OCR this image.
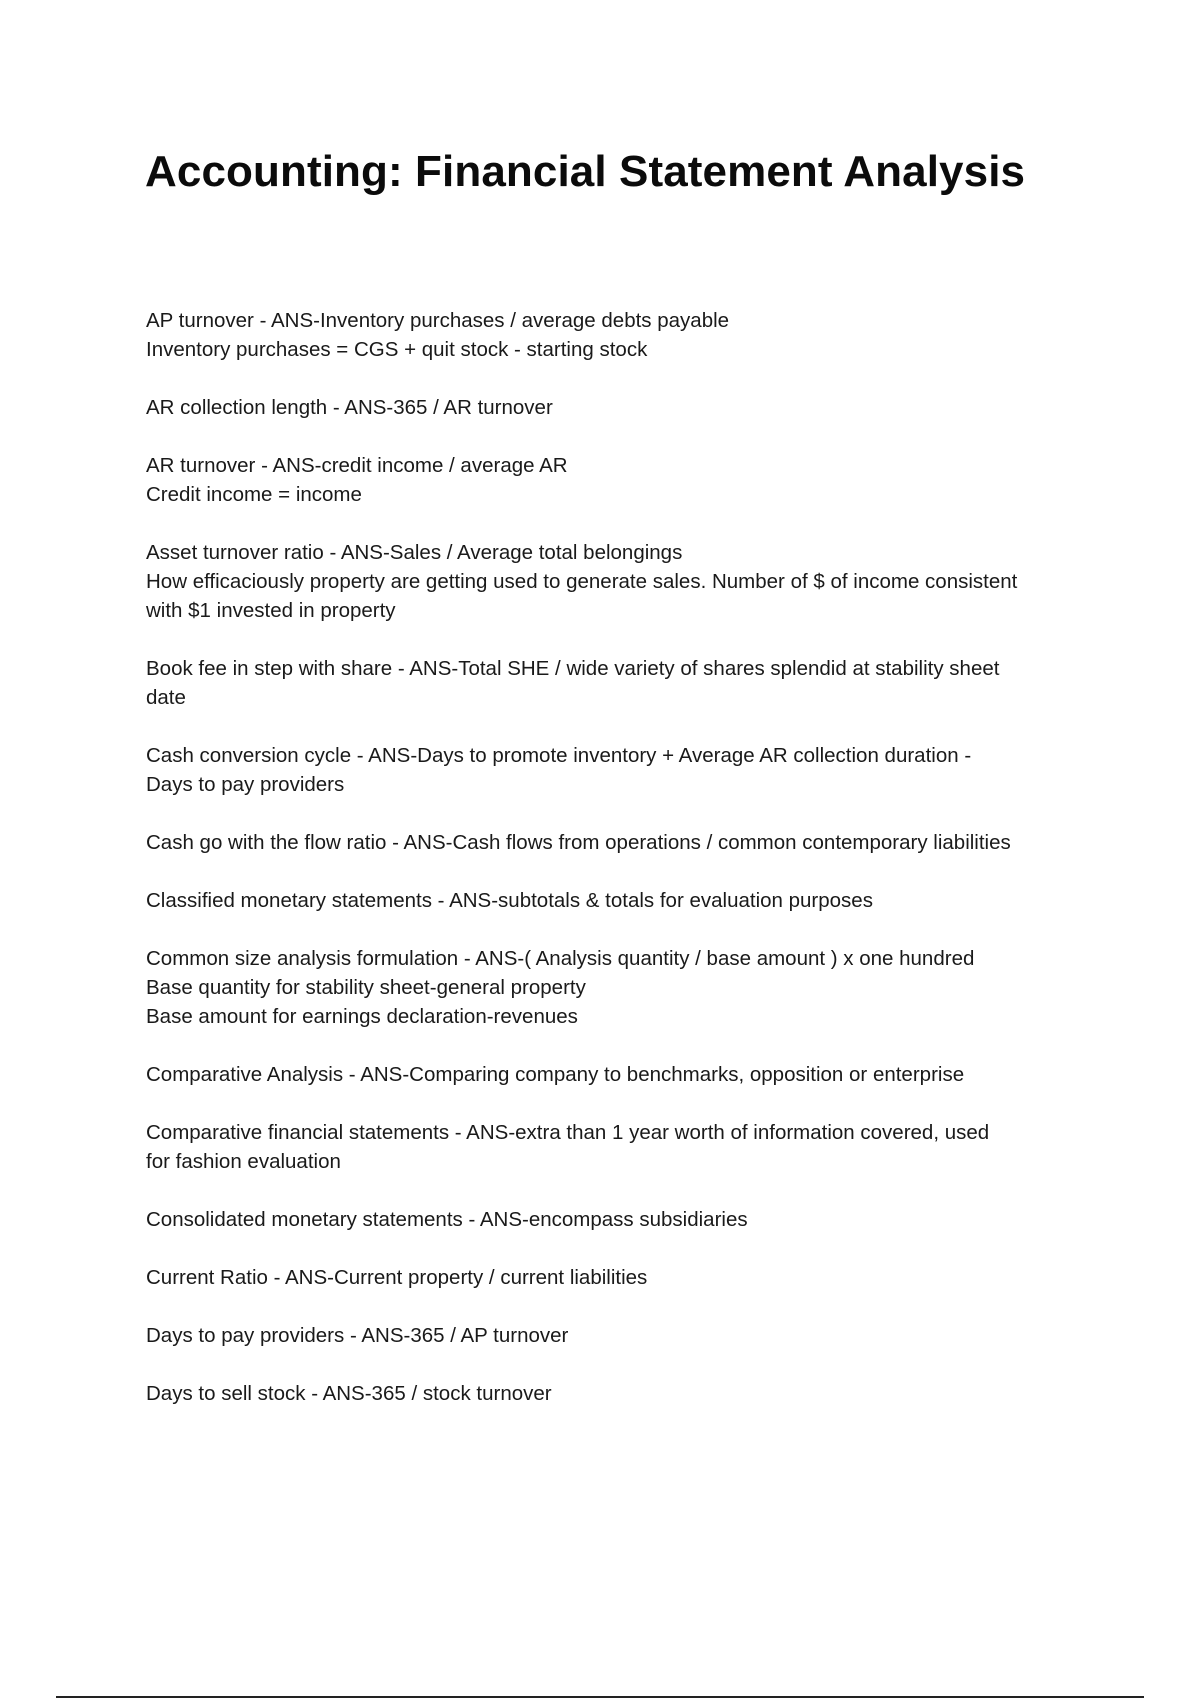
Accounting: Financial Statement Analysis
AP turnover - ANS-Inventory purchases / average debts payable
Inventory purchases = CGS + quit stock - starting stock
AR collection length - ANS-365 / AR turnover
AR turnover - ANS-credit income / average AR
Credit income = income
Asset turnover ratio - ANS-Sales / Average total belongings
How efficaciously property are getting used to generate sales. Number of $ of income consistent
with $1 invested in property
Book fee in step with share - ANS-Total SHE / wide variety of shares splendid at stability sheet
date
Cash conversion cycle - ANS-Days to promote inventory + Average AR collection duration -
Days to pay providers
Cash go with the flow ratio - ANS-Cash flows from operations / common contemporary liabilities
Classified monetary statements - ANS-subtotals & totals for evaluation purposes
Common size analysis formulation - ANS-( Analysis quantity / base amount ) x one hundred
Base quantity for stability sheet-general property
Base amount for earnings declaration-revenues
Comparative Analysis - ANS-Comparing company to benchmarks, opposition or enterprise
Comparative financial statements - ANS-extra than 1 year worth of information covered, used
for fashion evaluation
Consolidated monetary statements - ANS-encompass subsidiaries
Current Ratio - ANS-Current property / current liabilities
Days to pay providers - ANS-365 / AP turnover
Days to sell stock - ANS-365 / stock turnover
